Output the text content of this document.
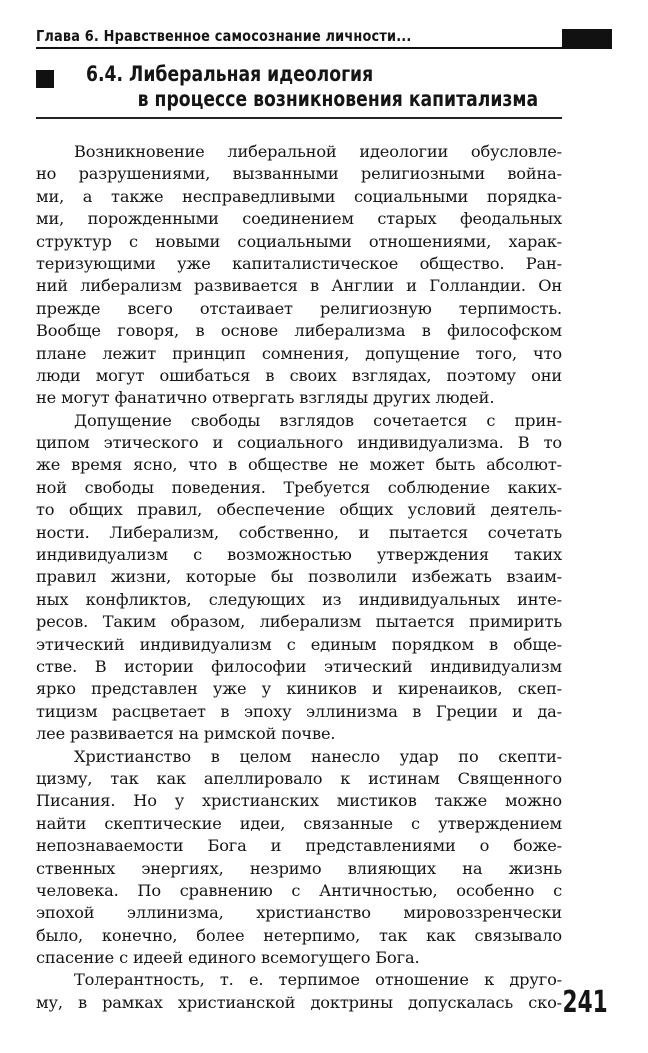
Глава 6. Нравственное самосознание личности...
6.4. Либеральная идеология
в процессе возникновения капитализма
Возникновение либеральной идеологии обусловле-
но разрушениями, вызванными религиозными война-
ми, а также несправедливыми социальными порядка-
ми, порожденными соединением старых феодальных
структур с новыми социальными отношениями, харак-
теризующими уже капиталистическое общество. Ран-
ний либерализм развивается в Англии и Голландии. Он
прежде всего отстаивает религиозную терпимость.
Вообще говоря, в основе либерализма в философском
плане лежит принцип сомнения, допущение того, что
люди могут ошибаться в своих взглядах, поэтому они
не могут фанатично отвергать взгляды других людей.
Допущение свободы взглядов сочетается с прин-
ципом этического и социального индивидуализма. В то
же время ясно, что в обществе не может быть абсолют-
ной свободы поведения. Требуется соблюдение каких-
то общих правил, обеспечение общих условий деятель-
ности. Либерализм, собственно, и пытается сочетать
индивидуализм с возможностью утверждения таких
правил жизни, которые бы позволили избежать взаим-
ных конфликтов, следующих из индивидуальных инте-
ресов. Таким образом, либерализм пытается примирить
этический индивидуализм с единым порядком в обще-
стве. В истории философии этический индивидуализм
ярко представлен уже у киников и киренаиков, скеп-
тицизм расцветает в эпоху эллинизма в Греции и да-
лее развивается на римской почве.
Христианство в целом нанесло удар по скепти-
цизму, так как апеллировало к истинам Священного
Писания. Но у христианских мистиков также можно
найти скептические идеи, связанные с утверждением
непознаваемости Бога и представлениями о боже-
ственных энергиях, незримо влияющих на жизнь
человека. По сравнению с Античностью, особенно с
эпохой эллинизма, христианство мировоззренчески
было, конечно, более нетерпимо, так как связывало
спасение с идеей единого всемогущего Бога.
Толерантность, т. е. терпимое отношение к друго-
му, в рамках христианской доктрины допускалась ско- 241
